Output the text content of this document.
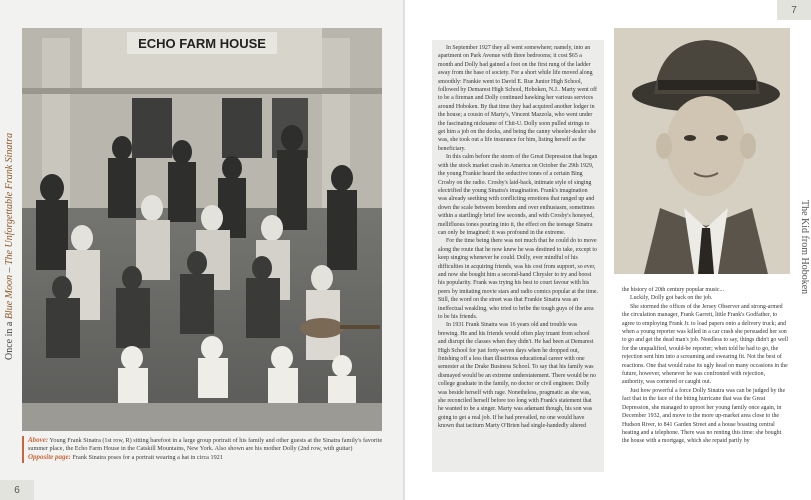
Once in a Blue Moon – The Unforgettable Frank Sinatra
ECHO FARM HOUSE
Above: Young Frank Sinatra (1st row, R) sitting barefoot in a large group portrait of his family and other guests at the Sinatra family's favorite summer place, the Echo Farm House in the Catskill Mountains, New York. Also shown are his mother Dolly (2nd row, with guitar)
Opposite page: Frank Sinatra poses for a portrait wearing a hat in circa 1921
6
7

In September 1927 they all went somewhere; namely, into an apartment on Park Avenue with three bedrooms; it cost $65 a month and Dolly had gained a foot on the first rung of the ladder away from the base of society. For a short while life moved along smoothly: Frankie went to David E. Rue Junior High School, followed by Demarest High School, Hoboken, N.J.. Marty went off to be a fireman and Dolly continued hawking her various services around Hoboken. By that time they had acquired another lodger in the house; a cousin of Marty's, Vincent Mazzola, who went under the fascinating nickname of Chit-U. Dolly soon pulled strings to get him a job on the docks, and being the canny wheeler-dealer she was, she took out a life insurance for him, listing herself as the beneficiary.

In this calm before the storm of the Great Depression that began with the stock market crash in America on October the 29th 1929, the young Frankie heard the seductive tones of a certain Bing Crosby on the radio. Crosby's laid-back, intimate style of singing electrified the young Sinatra's imagination. Frank's imagination was already seething with conflicting emotions that ranged up and down the scale between boredom and over enthusiasm, sometimes within a startlingly brief few seconds, and with Crosby's honeyed, mellifluous tones pouring into it, the effect on the teenage Sinatra can only be imagined: it was profound in the extreme.

For the time being there was not much that he could do to move along the route that he now knew he was destined to take, except to keep singing whenever he could. Dolly, ever mindful of his difficulties in acquiring friends, was his cost from support, so ever, and now she bought him a second-hand Chrysler to try and boost his popularity. Frank was trying his best to court favour with his peers by imitating movie stars and radio comics popular at the time. Still, the word on the street was that Frankie Sinatra was an ineffectual weakling, who tried to bribe the tough guys of the area to be his friends.

In 1931 Frank Sinatra was 16 years old and trouble was brewing. He and his friends would often play truant from school and disrupt the classes when they didn't. He had been at Demarest High School for just forty-seven days when he dropped out, finishing off a less than illustrious educational career with one semester at the Drake Business School. To say that his family was dismayed would be an extreme understatement. There would be no college graduate in the family, no doctor or civil engineer. Dolly was beside herself with rage. Nonetheless, pragmatic as she was, she reconciled herself before too long with Frank's statement that he wanted to be a singer. Marty was adamant though, his son was going to get a real job. If he had prevailed, no one would have known that taciturn Marty O'Brien had single-handedly altered

The Kid from Hoboken

the history of 20th century popular music...

Luckily, Dolly got back on the job.

She stormed the offices of the Jersey Observer and strong-armed the circulation manager, Frank Garrett, little Frank's Godfather, to agree to employing Frank Jr. to load papers onto a delivery truck; and when a young reporter was killed in a car crash she persuaded her son to go and get the dead man's job. Needless to say, things didn't go well for the unqualified, would-be reporter; when told he had to go, the rejection sent him into a screaming and swearing fit. Not the best of reactions. One that would raise its ugly head on many occasions in the future, however, whenever he was confronted with rejection, authority, was cornered or caught out.

Just how powerful a force Dolly Sinatra was can be judged by the fact that in the face of the biting hurricane that was the Great Depression, she managed to uproot her young family once again, in December 1932, and move to the more up-market area close to the Hudson River, to 841 Garden Street and a house boasting central heating and a telephone. There was no renting this time: she bought the house with a mortgage, which she repaid partly by
